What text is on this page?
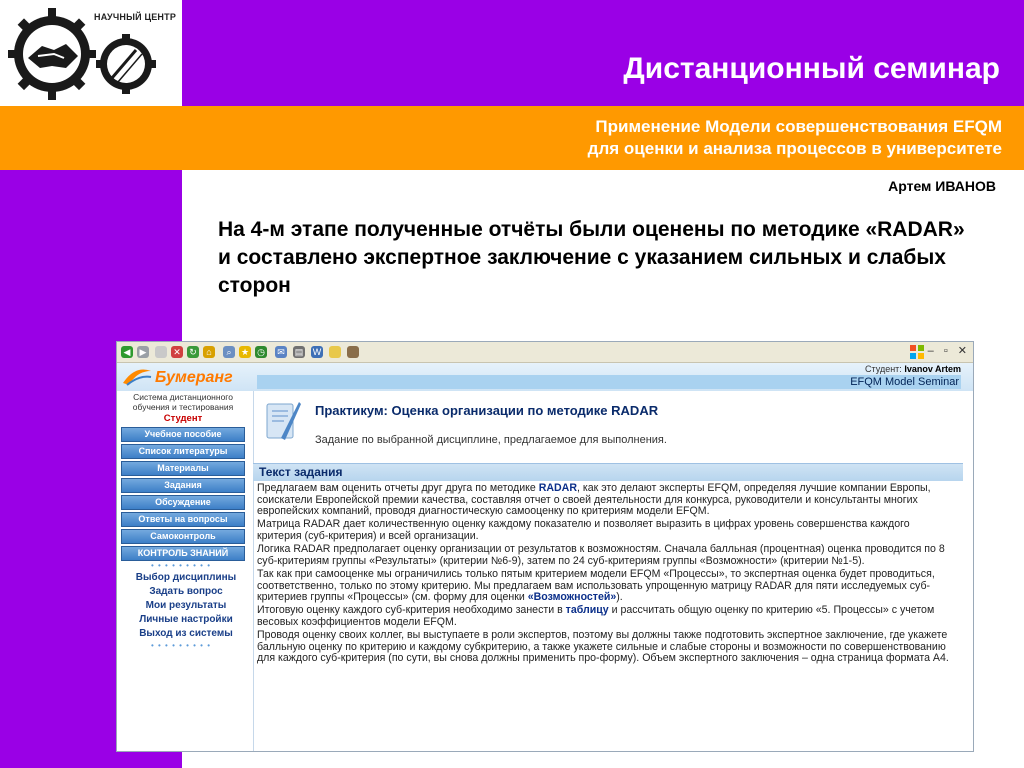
НАУЧНЫЙ ЦЕНТР
Дистанционный семинар
Применение Модели совершенствования EFQM
для оценки и анализа процессов в университете
Артем ИВАНОВ
На 4-м этапе полученные отчёты были оценены по методике «RADAR» и составлено экспертное заключение с указанием сильных и слабых сторон
◀ ▶	✕ ↻	⌂	⌕	★ ◷ ✉ ▤ W	– ▫ ✕
Студент: Ivanov Artem
EFQM Model Seminar
Бумеранг
Система дистанционного обучения и тестирования
Студент
Учебное пособие
Список литературы
Материалы
Задания
Обсуждение
Ответы на вопросы
Самоконтроль
КОНТРОЛЬ ЗНАНИЙ
• • • • • • • • •
Выбор дисциплины
Задать вопрос
Мои результаты
Личные настройки
Выход из системы
• • • • • • • • •
Практикум: Оценка организации по методике RADAR
Задание по выбранной дисциплине, предлагаемое для выполнения.
Текст задания

Предлагаем вам оценить отчеты друг друга по методике RADAR, как это делают эксперты EFQM, определяя лучшие компании Европы, соискатели Европейской премии качества, составляя отчет о своей деятельности для конкурса, руководители и консультанты многих европейских компаний, проводя диагностическую самооценку по критериям модели EFQM.

Матрица RADAR дает количественную оценку каждому показателю и позволяет выразить в цифрах уровень совершенства каждого критерия (суб-критерия) и всей организации.

Логика RADAR предполагает оценку организации от результатов к возможностям. Сначала балльная (процентная) оценка проводится по 8 суб-критериям группы «Результаты» (критерии №6-9), затем по 24 суб-критериям группы «Возможности» (критерии №1-5).

Так как при самооценке мы ограничились только пятым критерием модели EFQM «Процессы», то экспертная оценка будет проводиться, соответственно, только по этому критерию. Мы предлагаем вам использовать упрощенную матрицу RADAR для пяти исследуемых суб-критериев группы «Процессы» (см. форму для оценки «Возможностей»).

Итоговую оценку каждого суб-критерия необходимо занести в таблицу и рассчитать общую оценку по критерию «5. Процессы» с учетом весовых коэффициентов модели EFQM.

Проводя оценку своих коллег, вы выступаете в роли экспертов, поэтому вы должны также подготовить экспертное заключение, где укажете балльную оценку по критерию и каждому субкритерию, а также укажете сильные и слабые стороны и возможности по совершенствованию для каждого суб-критерия (по сути, вы снова должны применить про-форму). Объем экспертного заключения – одна страница формата А4.
